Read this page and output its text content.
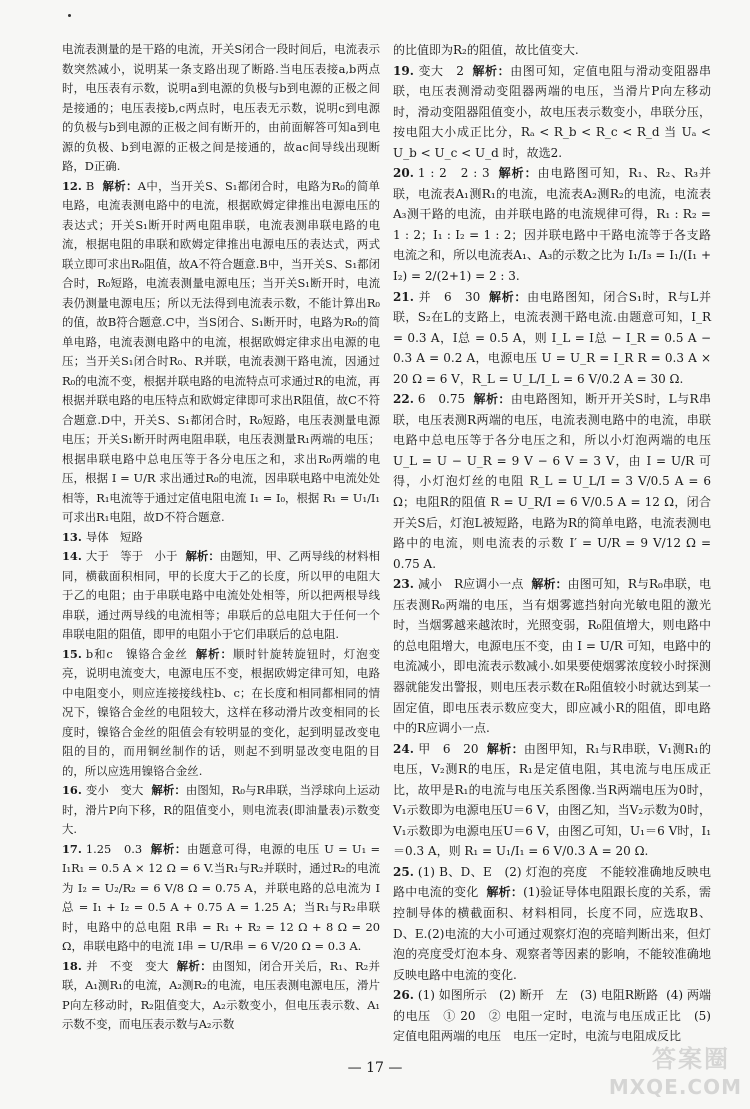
电流表测量的是干路的电流，开关S闭合一段时间后，电流表示数突然减小，说明某一条支路出现了断路.当电压表接a,b两点时，电压表有示数，说明a到电源的负极与b到电源的正极之间是接通的；电压表接b,c两点时，电压表无示数，说明c到电源的负极与b到电源的正极之间有断开的，由前面解答可知a到电源的负极、b到电源的正极之间是接通的，故ac间导线出现断路，D正确.

12. B 解析：A中，当开关S、S₁都闭合时，电路为R₀的简单电路，电流表测电路中的电流，根据欧姆定律推出电源电压的表达式；开关S₁断开时两电阻串联，电流表测串联电路的电流，根据电阻的串联和欧姆定律推出电源电压的表达式，两式联立即可求出R₀阻值，故A不符合题意.B中，当开关S、S₁都闭合时，R₀短路，电流表测量电源电压；当开关S₁断开时，电流表仍测量电源电压；所以无法得到电流表示数，不能计算出R₀的值，故B符合题意.C中，当S闭合、S₁断开时，电路为R₀的简单电路，电流表测电路中的电流，根据欧姆定律求出电源的电压；当开关S₁闭合时R₀、R并联，电流表测干路电流，因通过R₀的电流不变，根据并联电路的电流特点可求通过R的电流，再根据并联电路的电压特点和欧姆定律即可求出R阻值，故C不符合题意.D中，开关S、S₁都闭合时，R₀短路，电压表测量电源电压；开关S₁断开时两电阻串联，电压表测量R₁两端的电压；根据串联电路中总电压等于各分电压之和，求出R₀两端的电压，根据 I = U/R 求出通过R₀的电流，因串联电路中电流处处相等，R₁电流等于通过定值电阻电流 I₁ = I₀，根据 R₁ = U₁/I₁ 可求出R₁电阻，故D不符合题意.

13. 导体　短路

14. 大于　等于　小于 解析：由题知，甲、乙两导线的材料相同，横截面积相同，甲的长度大于乙的长度，所以甲的电阻大于乙的电阻；由于串联电路中电流处处相等，所以把两根导线串联，通过两导线的电流相等；串联后的总电阻大于任何一个串联电阻的阻值，即甲的电阻小于它们串联后的总电阻.

15. b和c　镍铬合金丝 解析：顺时针旋转旋钮时，灯泡变亮，说明电流变大，电源电压不变，根据欧姆定律可知，电路中电阻变小，则应连接接线柱b、c；在长度和相同都相同的情况下，镍铬合金丝的电阻较大，这样在移动滑片改变相同的长度时，镍铬合金丝的阻值会有较明显的变化，起到明显改变电阻的目的，而用铜丝制作的话，则起不到明显改变电阻的目的，所以应选用镍铬合金丝.

16. 变小　变大 解析：由图知，R₀与R串联，当浮球向上运动时，滑片P向下移，R的阻值变小，则电流表(即油量表)示数变大.

17. 1.25　0.3 解析：由题意可得，电源的电压 U = U₁ = I₁R₁ = 0.5 A × 12 Ω = 6 V.当R₁与R₂并联时，通过R₂的电流为 I₂ = U₂/R₂ = 6 V/8 Ω = 0.75 A，并联电路的总电流为 I总 = I₁ + I₂ = 0.5 A + 0.75 A = 1.25 A；当R₁与R₂串联时，电路中的总电阻 R串 = R₁ + R₂ = 12 Ω + 8 Ω = 20 Ω，串联电路中的电流 I串 = U/R串 = 6 V/20 Ω = 0.3 A.

18. 并　不变　变大 解析：由图知，闭合开关后，R₁、R₂并联，A₁测R₁的电流，A₂测R₂的电流，电压表测电源电压，滑片P向左移动时，R₂阻值变大，A₂示数变小，但电压表示数、A₁示数不变，而电压表示数与A₂示数

的比值即为R₂的阻值，故比值变大.

19. 变大　2 解析：由图可知，定值电阻与滑动变阻器串联，电压表测滑动变阻器两端的电压，当滑片P向左移动时，滑动变阻器阻值变小，故电压表示数变小，串联分压，按电阻大小成正比分，Rₐ < R_b < R_c < R_d 当 Uₐ < U_b < U_c < U_d 时，故选2.

20. 1 : 2　2 : 3 解析：由电路图可知，R₁、R₂、R₃并联，电流表A₁测R₁的电流，电流表A₂测R₂的电流，电流表A₃测干路的电流，由并联电路的电流规律可得，R₁ : R₂ = 1 : 2；I₁ : I₂ = 1 : 2；因并联电路中干路电流等于各支路电流之和，所以电流表A₁、A₃的示数之比为 I₁/I₃ = I₁/(I₁ + I₂) = 2/(2+1) = 2 : 3.

21. 并　6　30 解析：由电路图知，闭合S₁时，R与L并联，S₂在L的支路上，电流表测干路电流.由题意可知，I_R = 0.3 A，I总 = 0.5 A，则 I_L = I总 − I_R = 0.5 A − 0.3 A = 0.2 A，电源电压 U = U_R = I_R R = 0.3 A × 20 Ω = 6 V，R_L = U_L/I_L = 6 V/0.2 A = 30 Ω.

22. 6　0.75 解析：由电路图知，断开开关S时，L与R串联，电压表测R两端的电压，电流表测电路中的电流，串联电路中总电压等于各分电压之和，所以小灯泡两端的电压 U_L = U − U_R = 9 V − 6 V = 3 V，由 I = U/R 可得，小灯泡灯丝的电阻 R_L = U_L/I = 3 V/0.5 A = 6 Ω；电阻R的阻值 R = U_R/I = 6 V/0.5 A = 12 Ω，闭合开关S后，灯泡L被短路，电路为R的简单电路，电流表测电路中的电流，则电流表的示数 I′ = U/R = 9 V/12 Ω = 0.75 A.

23. 减小　R应调小一点 解析：由图可知，R与R₀串联，电压表测R₀两端的电压，当有烟雾遮挡射向光敏电阻的激光时，当烟雾越来越浓时，光照变弱，R₀阻值增大，则电路中的总电阻增大，电源电压不变，由 I = U/R 可知，电路中的电流减小，即电流表示数减小.如果要使烟雾浓度较小时探测器就能发出警报，则电压表示数在R₀阻值较小时就达到某一固定值，即电压表示数应变大，即应减小R的阻值，即电路中的R应调小一点.

24. 甲　6　20 解析：由图甲知，R₁与R串联，V₁测R₁的电压，V₂测R的电压，R₁是定值电阻，其电流与电压成正比，故甲是R₁的电流与电压关系图像.当R两端电压为0时，V₁示数即为电源电压U＝6 V，由图乙知，当V₂示数为0时，V₁示数即为电源电压U＝6 V，由图乙可知，U₁＝6 V时，I₁＝0.3 A，则 R₁ = U₁/I₁ = 6 V/0.3 A = 20 Ω.

25. (1) B、D、E　(2) 灯泡的亮度　不能较准确地反映电路中电流的变化 解析：(1)验证导体电阻跟长度的关系，需控制导体的横截面积、材料相同，长度不同，应选取B、D、E.(2)电流的大小可通过观察灯泡的亮暗判断出来，但灯泡的亮度受灯泡本身、观察者等因素的影响，不能较准确地反映电路中电流的变化.

26. (1) 如图所示　(2) 断开　左　(3) 电阻R断路 (4) 两端的电压　① 20　② 电阻一定时，电流与电压成正比　(5) 定值电阻两端的电压　电压一定时，电流与电阻成反比

— 17 —	答案圈
MXQE.COM
